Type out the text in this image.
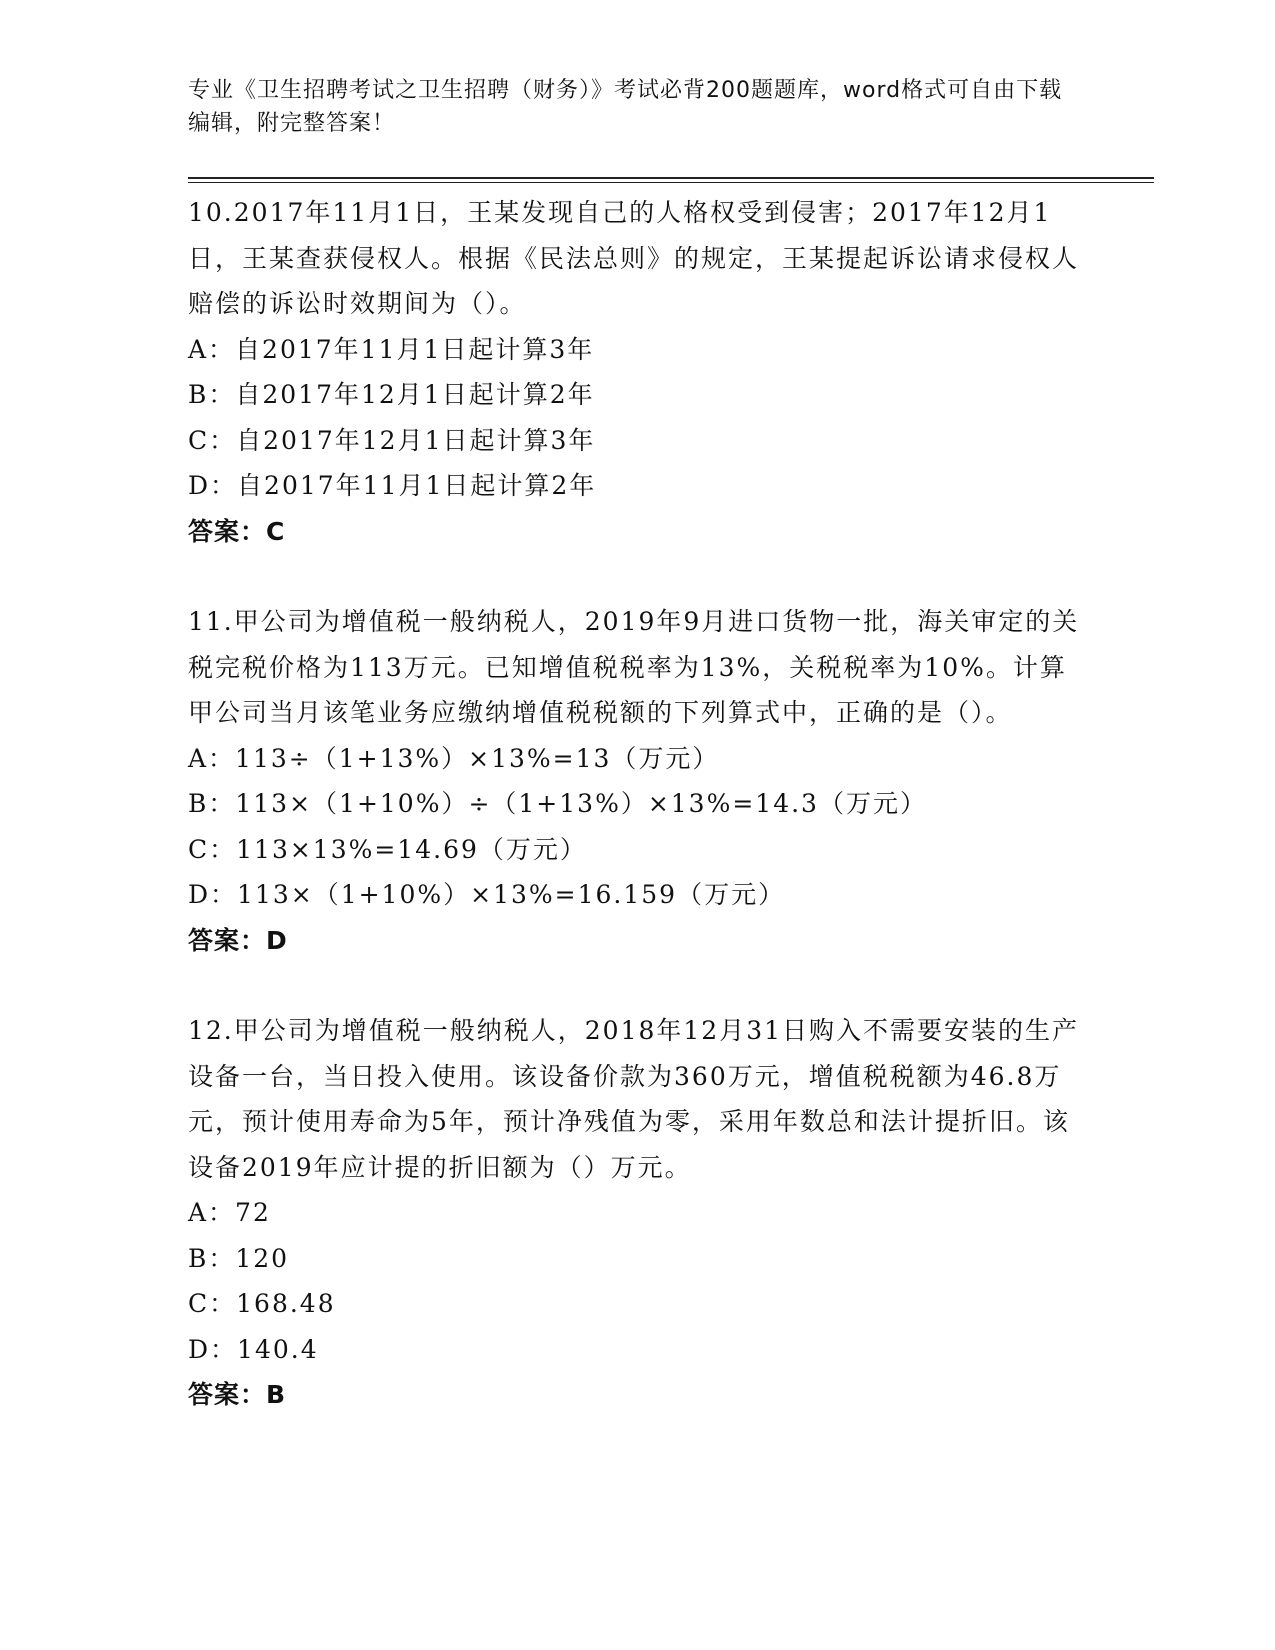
专业《卫生招聘考试之卫生招聘（财务）》考试必背200题题库，word格式可自由下载编辑，附完整答案！
10.2017年11月1日，王某发现自己的人格权受到侵害；2017年12月1日，王某查获侵权人。根据《民法总则》的规定，王某提起诉讼请求侵权人赔偿的诉讼时效期间为（）。
A：自2017年11月1日起计算3年
B：自2017年12月1日起计算2年
C：自2017年12月1日起计算3年
D：自2017年11月1日起计算2年
答案：C
11.甲公司为增值税一般纳税人，2019年9月进口货物一批，海关审定的关税完税价格为113万元。已知增值税税率为13%，关税税率为10%。计算甲公司当月该笔业务应缴纳增值税税额的下列算式中，正确的是（）。
A：113÷（1+13%）×13%=13（万元）
B：113×（1+10%）÷（1+13%）×13%=14.3（万元）
C：113×13%=14.69（万元）
D：113×（1+10%）×13%=16.159（万元）
答案：D
12.甲公司为增值税一般纳税人，2018年12月31日购入不需要安装的生产设备一台，当日投入使用。该设备价款为360万元，增值税税额为46.8万元，预计使用寿命为5年，预计净残值为零，采用年数总和法计提折旧。该设备2019年应计提的折旧额为（）万元。
A：72
B：120
C：168.48
D：140.4
答案：B
